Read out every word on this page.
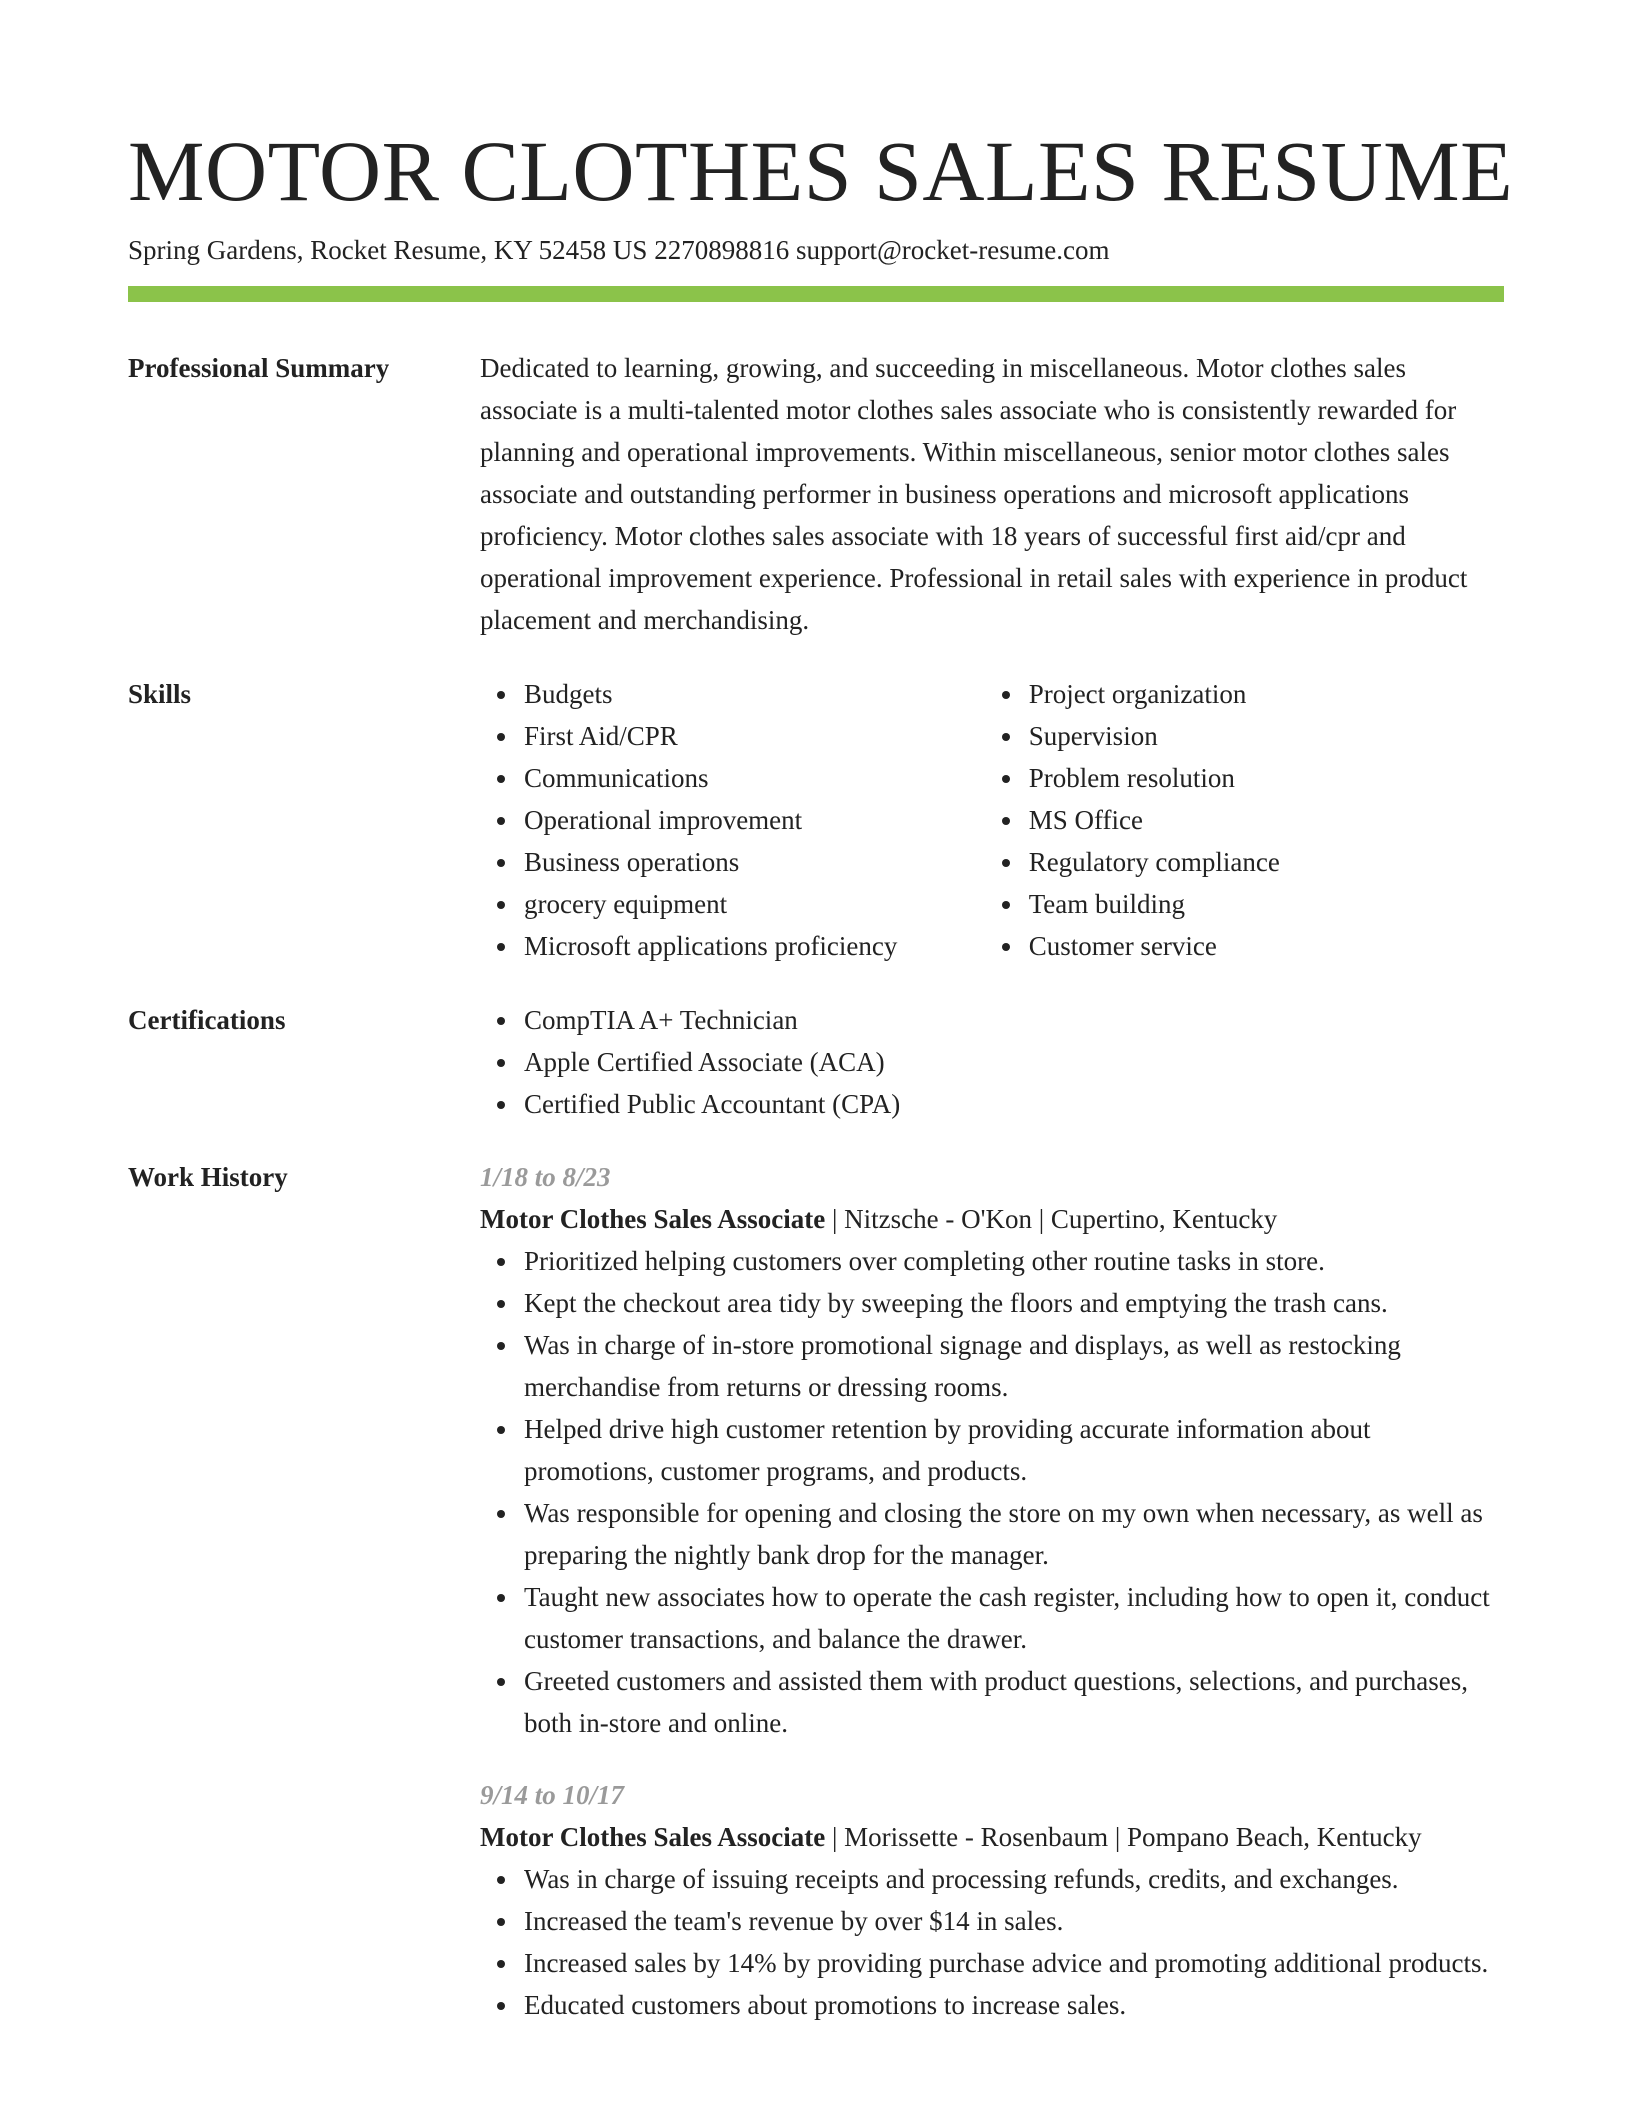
MOTOR CLOTHES SALES RESUME
Spring Gardens, Rocket Resume, KY 52458 US 2270898816 support@rocket-resume.com
Professional Summary	Dedicated to learning, growing, and succeeding in miscellaneous. Motor clothes sales associate is a multi-talented motor clothes sales associate who is consistently rewarded for planning and operational improvements. Within miscellaneous, senior motor clothes sales associate and outstanding performer in business operations and microsoft applications proficiency. Motor clothes sales associate with 18 years of successful first aid/cpr and operational improvement experience. Professional in retail sales with experience in product placement and merchandising.

Skills	Budgets
First Aid/CPR
Communications
Operational improvement
Business operations
grocery equipment
Microsoft applications proficiency
Project organization
Supervision
Problem resolution
MS Office
Regulatory compliance
Team building
Customer service
Certifications	CompTIA A+ Technician
Apple Certified Associate (ACA)
Certified Public Accountant (CPA)
Work History	1/18 to 8/23
Motor Clothes Sales Associate | Nitzsche - O'Kon | Cupertino, Kentucky
Prioritized helping customers over completing other routine tasks in store.
Kept the checkout area tidy by sweeping the floors and emptying the trash cans.
Was in charge of in-store promotional signage and displays, as well as restocking merchandise from returns or dressing rooms.
Helped drive high customer retention by providing accurate information about promotions, customer programs, and products.
Was responsible for opening and closing the store on my own when necessary, as well as preparing the nightly bank drop for the manager.
Taught new associates how to operate the cash register, including how to open it, conduct customer transactions, and balance the drawer.
Greeted customers and assisted them with product questions, selections, and purchases, both in-store and online.
9/14 to 10/17
Motor Clothes Sales Associate | Morissette - Rosenbaum | Pompano Beach, Kentucky
Was in charge of issuing receipts and processing refunds, credits, and exchanges.
Increased the team's revenue by over $14 in sales.
Increased sales by 14% by providing purchase advice and promoting additional products.
Educated customers about promotions to increase sales.
